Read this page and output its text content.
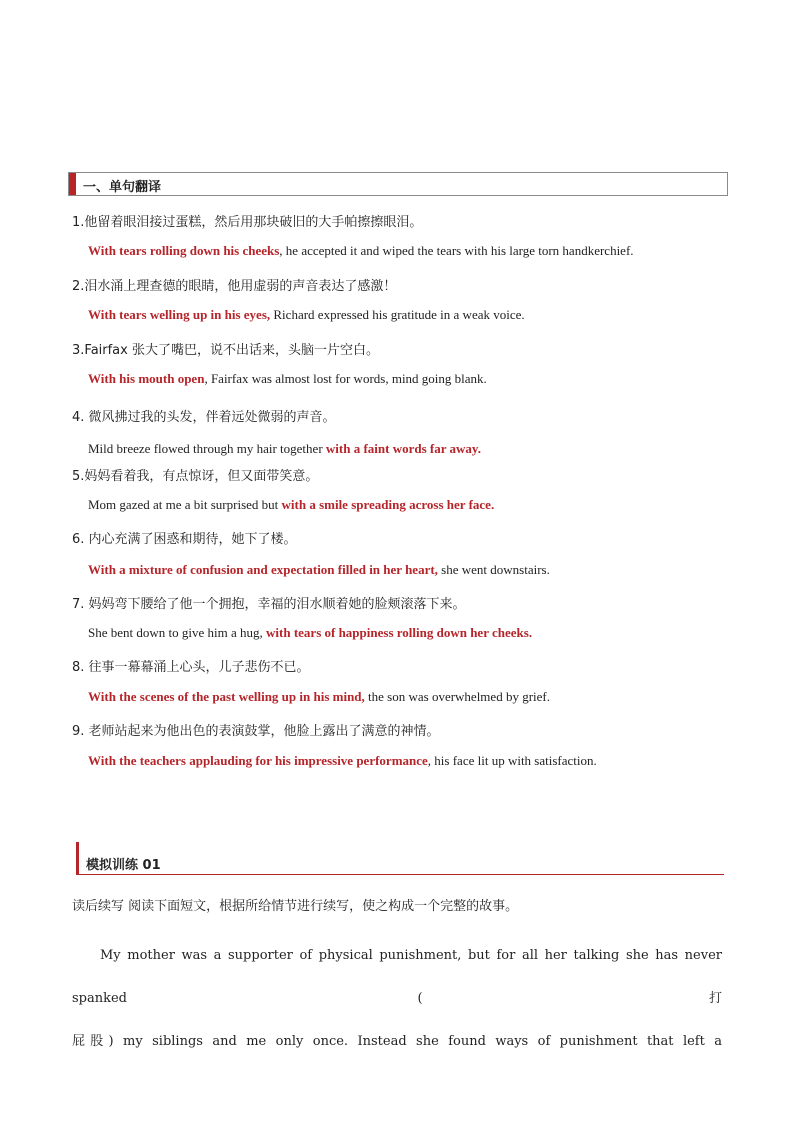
一、单句翻译
1.他留着眼泪接过蛋糕，然后用那块破旧的大手帕擦擦眼泪。
With tears rolling down his cheeks, he accepted it and wiped the tears with his large torn handkerchief.
2.泪水涌上理查德的眼睛，他用虚弱的声音表达了感激！
With tears welling up in his eyes, Richard expressed his gratitude in a weak voice.
3.Fairfax 张大了嘴巴，说不出话来，头脑一片空白。
With his mouth open, Fairfax was almost lost for words, mind going blank.
4. 微风拂过我的头发，伴着远处微弱的声音。
Mild breeze flowed through my hair together with a faint words far away.
5.妈妈看着我，有点惊讶，但又面带笑意。
Mom gazed at me a bit surprised but with a smile spreading across her face.
6. 内心充满了困惑和期待，她下了楼。
With a mixture of confusion and expectation filled in her heart, she went downstairs.
7. 妈妈弯下腰给了他一个拥抱，幸福的泪水顺着她的脸颊滚落下来。
She bent down to give him a hug, with tears of happiness rolling down her cheeks.
8. 往事一幕幕涌上心头，儿子悲伤不已。
With the scenes of the past welling up in his mind, the son was overwhelmed by grief.
9. 老师站起来为他出色的表演鼓掌，他脸上露出了满意的神情。
With the teachers applauding for his impressive performance, his face lit up with satisfaction.
模拟训练 01
读后续写 阅读下面短文，根据所给情节进行续写，使之构成一个完整的故事。
My mother was a supporter of physical punishment, but for all her talking she has never spanked (打
屁股) my siblings and me only once. Instead she found ways of punishment that left a
